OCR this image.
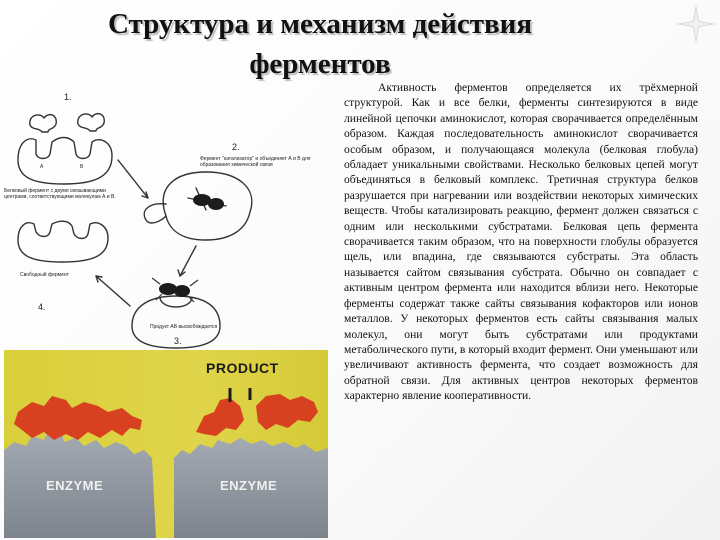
Структура и механизм действия
ферментов

Активность ферментов определяется их трёхмерной структурой. Как и все белки, ферменты синтезируются в виде линейной цепочки аминокислот, которая сворачивается определённым образом. Каждая последовательность аминокислот сворачивается особым образом, и получающаяся молекула (белковая глобула) обладает уникальными свойствами. Несколько белковых цепей могут объединяться в белковый комплекс. Третичная структура белков разрушается при нагревании или воздействии некоторых химических веществ. Чтобы катализировать реакцию, фермент должен связаться с одним или несколькими субстратами. Белковая цепь фермента сворачивается таким образом, что на поверхности глобулы образуется щель, или впадина, где связываются субстраты. Эта область называется сайтом связывания субстрата. Обычно он совпадает с активным центром фермента или находится вблизи него. Некоторые ферменты содержат также сайты связывания кофакторов или ионов металлов. У некоторых ферментов есть сайты связывания малых молекул, они могут быть субстратами или продуктами метаболического пути, в который входит фермент. Они уменьшают или увеличивают активность фермента, что создает возможность для обратной связи. Для активных центров некоторых ферментов характерно явление кооперативности.

1.
2.
3.
4.
A	B
Белковый фермент с двумя связывающими центрами, соответствующими молекулам А и В.
Фермент "катализатор" и объединяет А и В для образования химической связи
Свободный фермент
Продукт АВ высвобождается
PRODUCT
ENZYME	ENZYME
